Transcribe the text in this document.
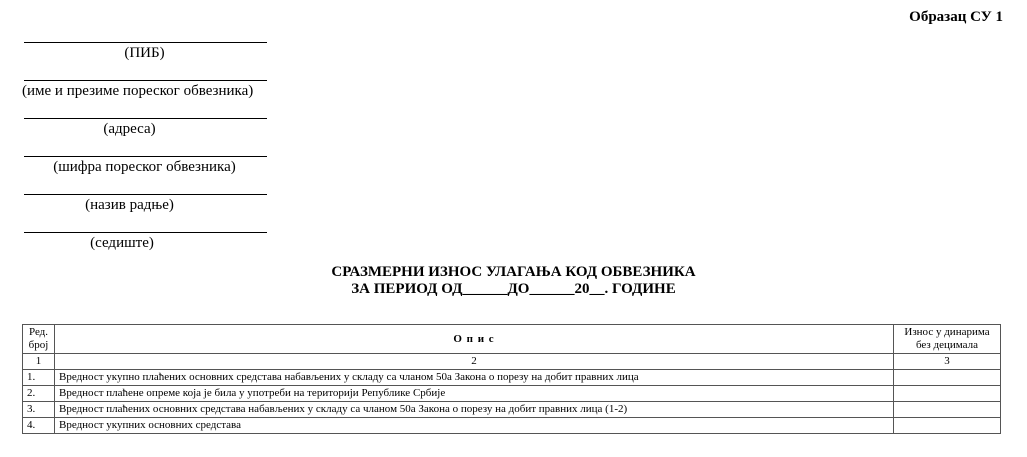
Образац СУ 1
(ПИБ)
(име и презиме пореског обвезника)
(адреса)
(шифра пореског обвезника)
(назив радње)
(седиште)
СРАЗМЕРНИ ИЗНОС УЛАГАЊА КОД ОБВЕЗНИКА
ЗА ПЕРИОД ОД______ДО______20__. ГОДИНЕ
Ред. број	О п и с	Износ у динарима без децимала
1	2	3
1.	Вредност укупно плаћених основних средстава набављених у складу са чланом 50а Закона о порезу на добит правних лица	
2.	Вредност плаћене опреме која је била у употреби на територији Републике Србије	
3.	Вредност плаћених основних средстава набављених у складу са чланом 50а Закона о порезу на добит правних лица (1-2)	
4.	Вредност укупних основних средстава	
